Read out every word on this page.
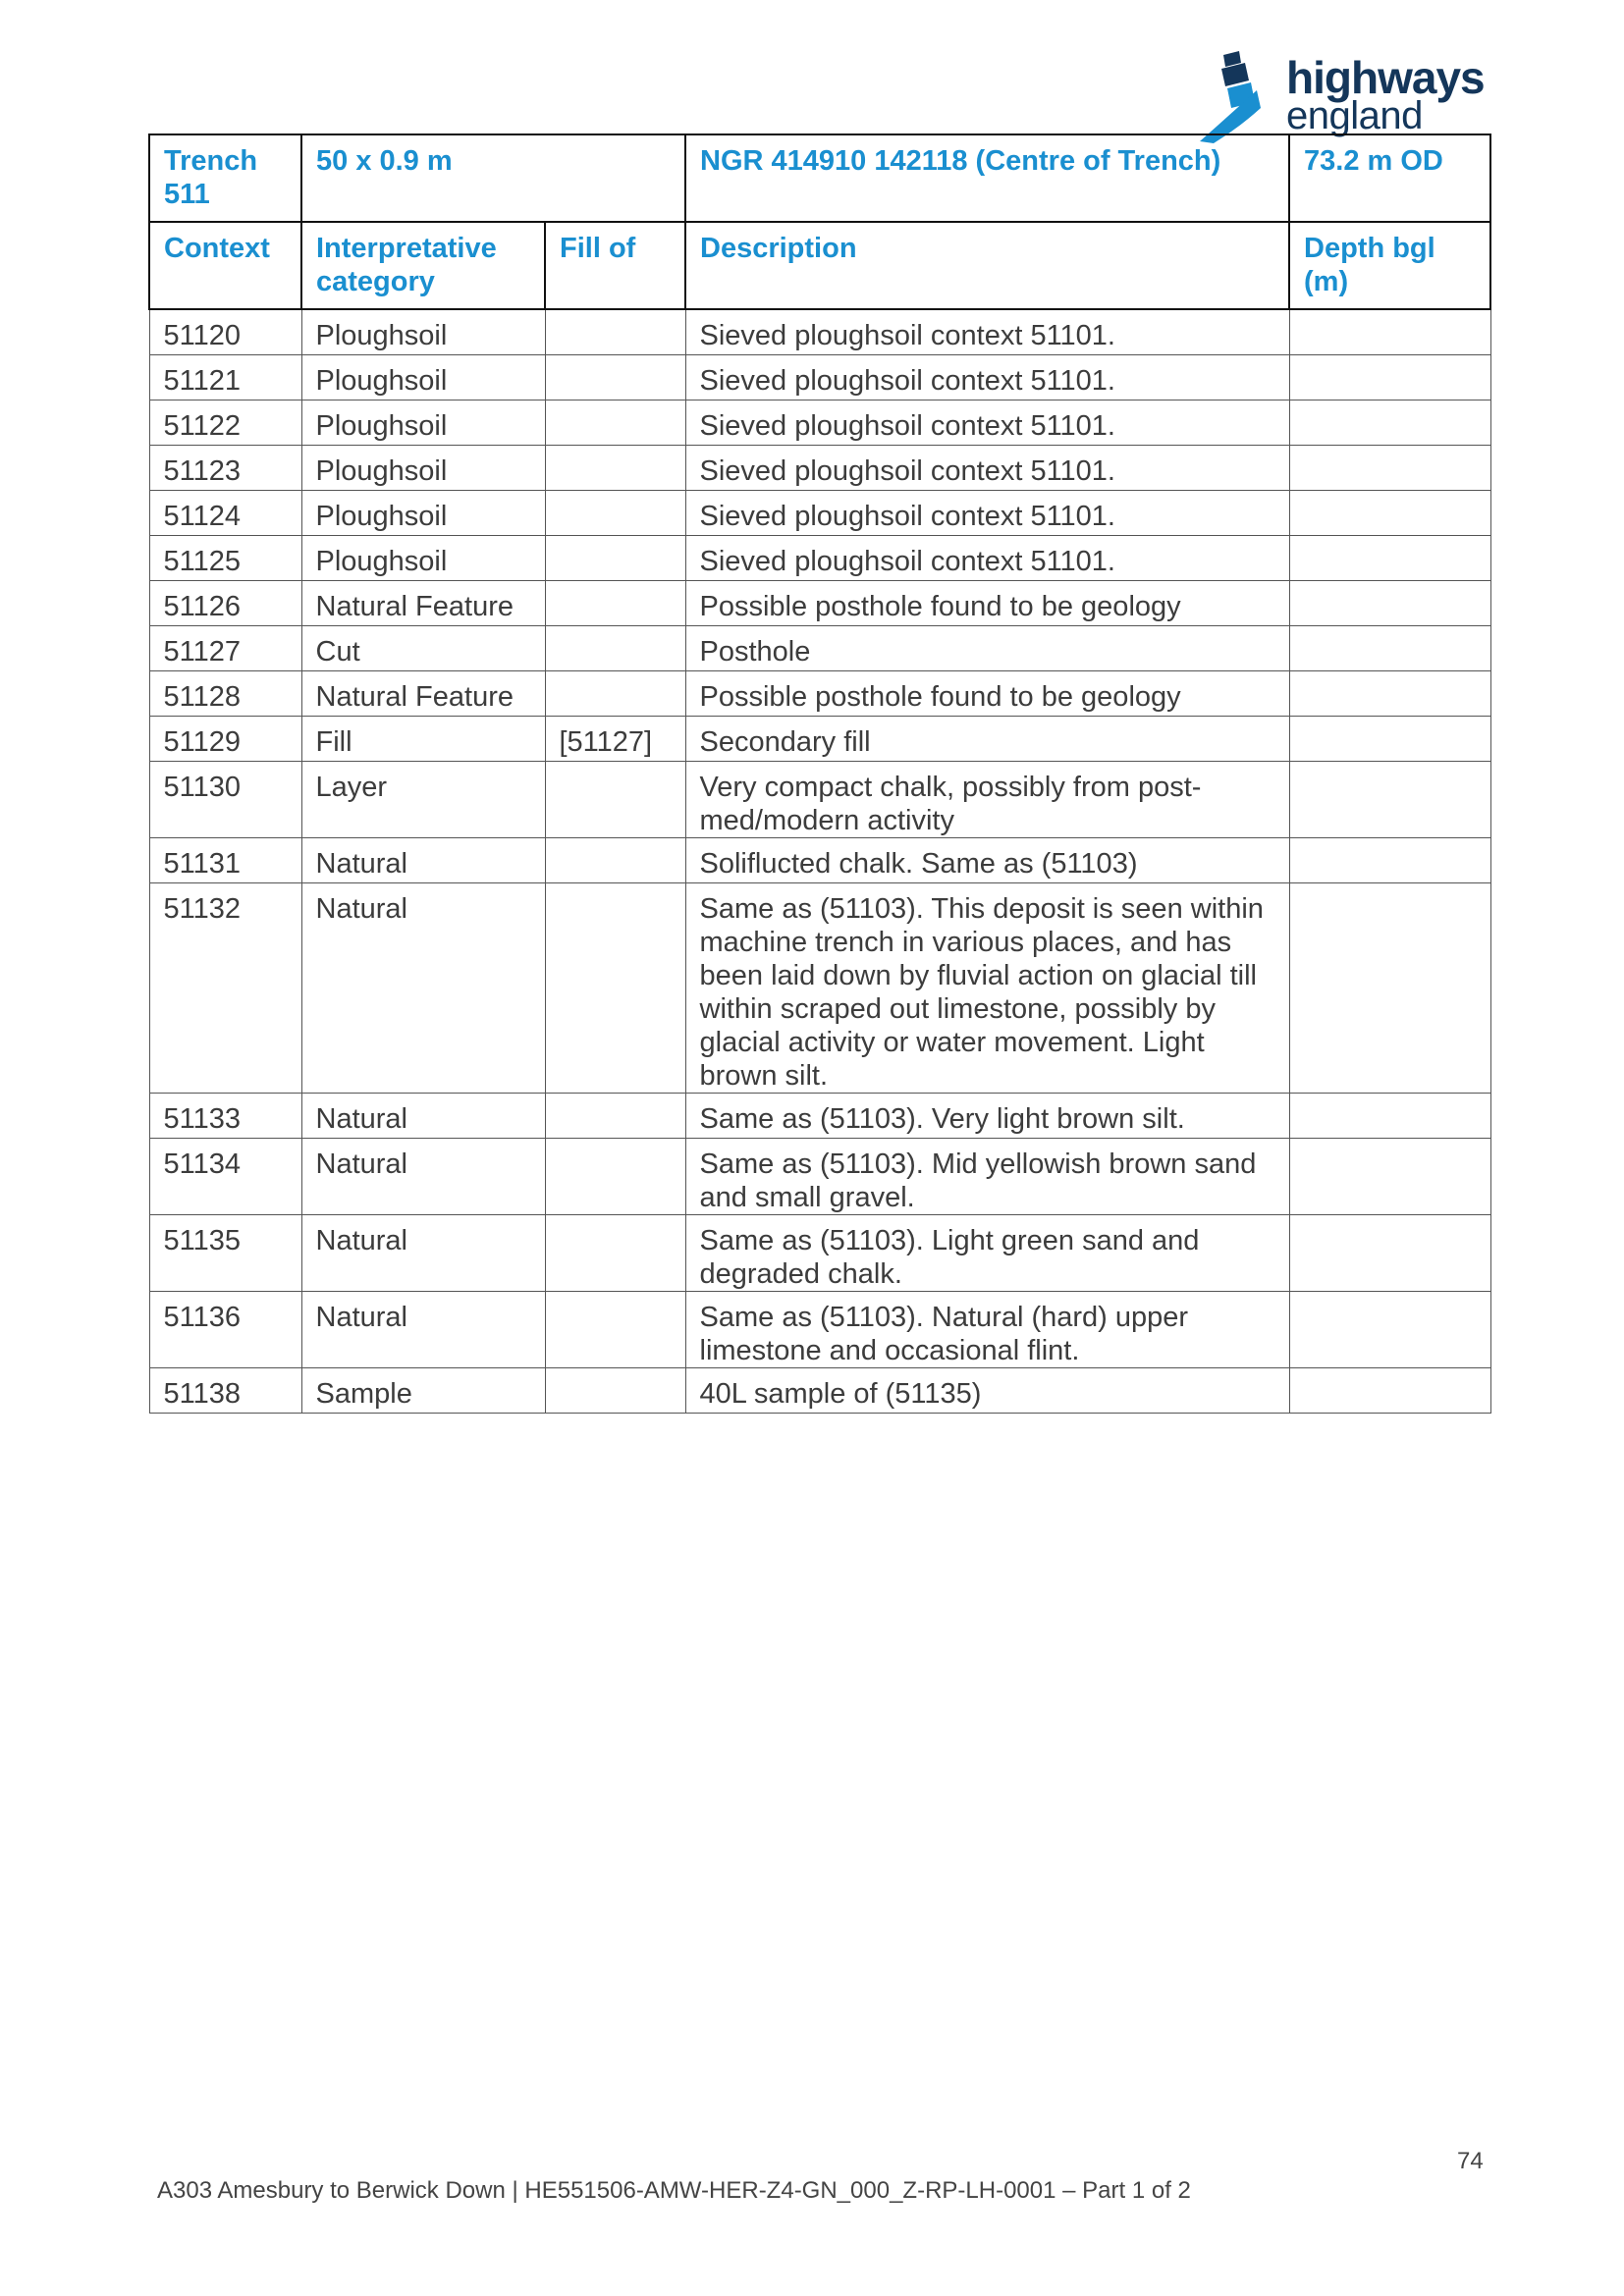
highways
england
Trench 511	50 x 0.9 m		NGR 414910 142118 (Centre of Trench)	73.2 m OD
Context	Interpretative category	Fill of	Description	Depth bgl (m)
51120	Ploughsoil		Sieved ploughsoil context 51101.	
51121	Ploughsoil		Sieved ploughsoil context 51101.	
51122	Ploughsoil		Sieved ploughsoil context 51101.	
51123	Ploughsoil		Sieved ploughsoil context 51101.	
51124	Ploughsoil		Sieved ploughsoil context 51101.	
51125	Ploughsoil		Sieved ploughsoil context 51101.	
51126	Natural Feature		Possible posthole found to be geology	
51127	Cut		Posthole	
51128	Natural Feature		Possible posthole found to be geology	
51129	Fill	[51127]	Secondary fill	
51130	Layer		Very compact chalk, possibly from post-med/modern activity	
51131	Natural		Soliflucted chalk. Same as (51103)	
51132	Natural		Same as (51103). This deposit is seen within machine trench in various places, and has been laid down by fluvial action on glacial till within scraped out limestone, possibly by glacial activity or water movement. Light brown silt.	
51133	Natural		Same as (51103). Very light brown silt.	
51134	Natural		Same as (51103). Mid yellowish brown sand and small gravel.	
51135	Natural		Same as (51103). Light green sand and degraded chalk.	
51136	Natural		Same as (51103). Natural (hard) upper limestone and occasional flint.	
51138	Sample		40L sample of (51135)	
74
A303 Amesbury to Berwick Down | HE551506-AMW-HER-Z4-GN_000_Z-RP-LH-0001 – Part 1 of 2
